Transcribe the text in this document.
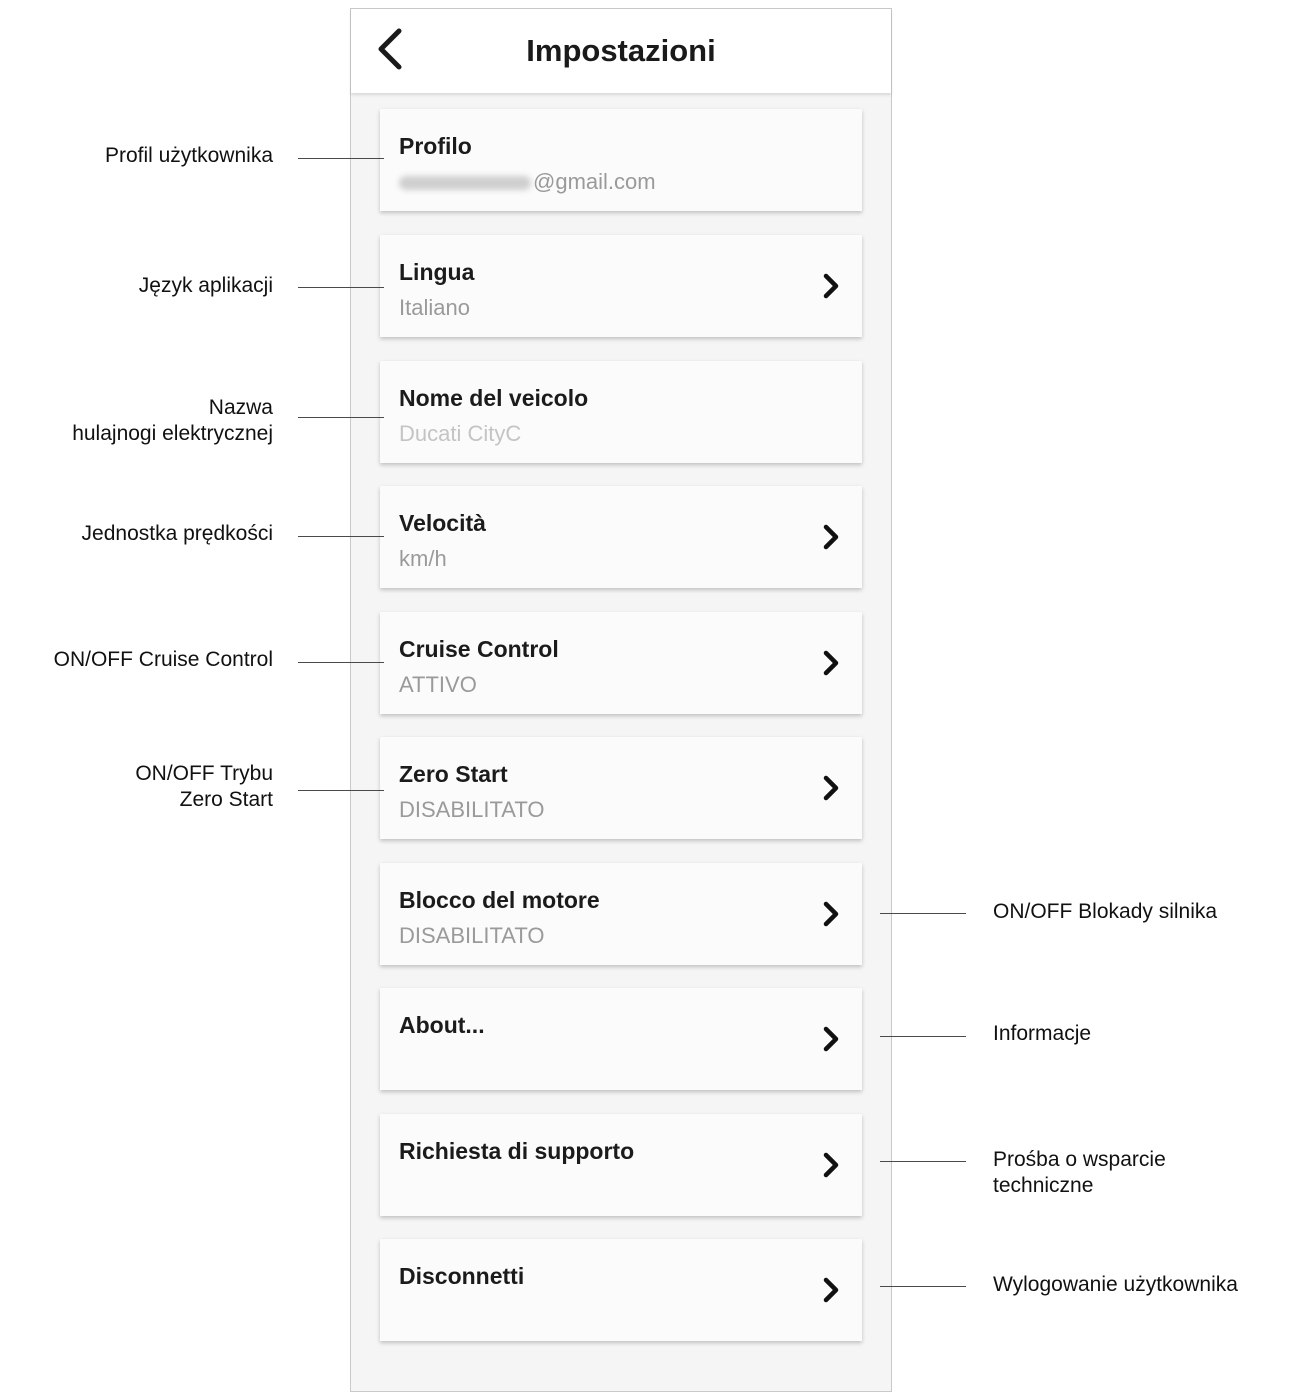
Impostazioni
Profilo
@gmail.com
Lingua
Italiano
Nome del veicolo
Ducati CityC
Velocità
km/h
Cruise Control
ATTIVO
Zero Start
DISABILITATO
Blocco del motore
DISABILITATO
About...
Richiesta di supporto
Disconnetti
Profil użytkownika
Język aplikacji
Nazwa
hulajnogi elektrycznej
Jednostka prędkości
ON/OFF Cruise Control
ON/OFF Trybu
Zero Start
ON/OFF Blokady silnika
Informacje
Prośba o wsparcie
techniczne
Wylogowanie użytkownika
